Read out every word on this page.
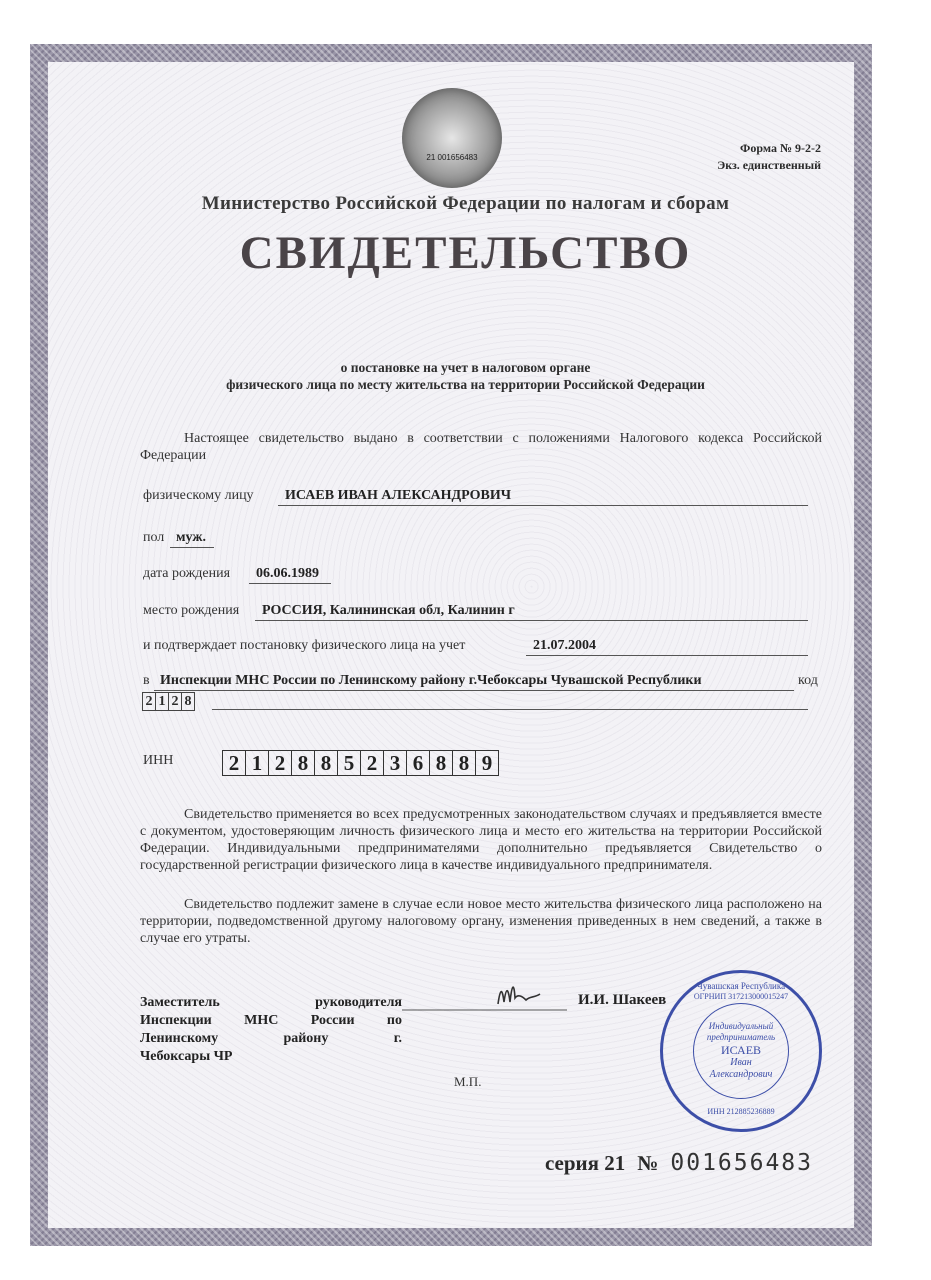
21 001656483
Форма № 9-2-2
Экз. единственный
Министерство Российской Федерации по налогам и сборам
СВИДЕТЕЛЬСТВО
о постановке на учет в налоговом органе
физического лица по месту жительства на территории Российской Федерации
Настоящее свидетельство выдано в соответствии с положениями Налогового кодекса Российской Федерации
физическому лицу ИСАЕВ ИВАН АЛЕКСАНДРОВИЧ
пол муж.
дата рождения 06.06.1989
место рождения РОССИЯ, Калининская обл, Калинин г
и подтверждает постановку физического лица на учет	21.07.2004
в Инспекции МНС России по Ленинскому району г.Чебоксары Чувашской Республики	код
2 1 2 8
ИНН	2 1 2 8 8 5 2 3 6 8 8 9
Свидетельство применяется во всех предусмотренных законодательством случаях и предъявляется вместе с документом, удостоверяющим личность физического лица и место его жительства на территории Российской Федерации. Индивидуальными предпринимателями дополнительно предъявляется Свидетельство о государственной регистрации физического лица в качестве индивидуального предпринимателя.
Свидетельство подлежит замене в случае если новое место жительства физического лица расположено на территории, подведомственной другому налоговому органу, изменения приведенных в нем сведений, а также в случае его утраты.
Заместитель руководителя
Инспекции МНС России по
Ленинскому району г.
Чебоксары ЧР
И.И. Шакеев
М.П.
Чувашская Республика
ОГРНИП 317213000015247
Индивидуальный
предприниматель
ИСАЕВ
Иван
Александрович
ИНН 212885236889
серия 21 № 001656483
